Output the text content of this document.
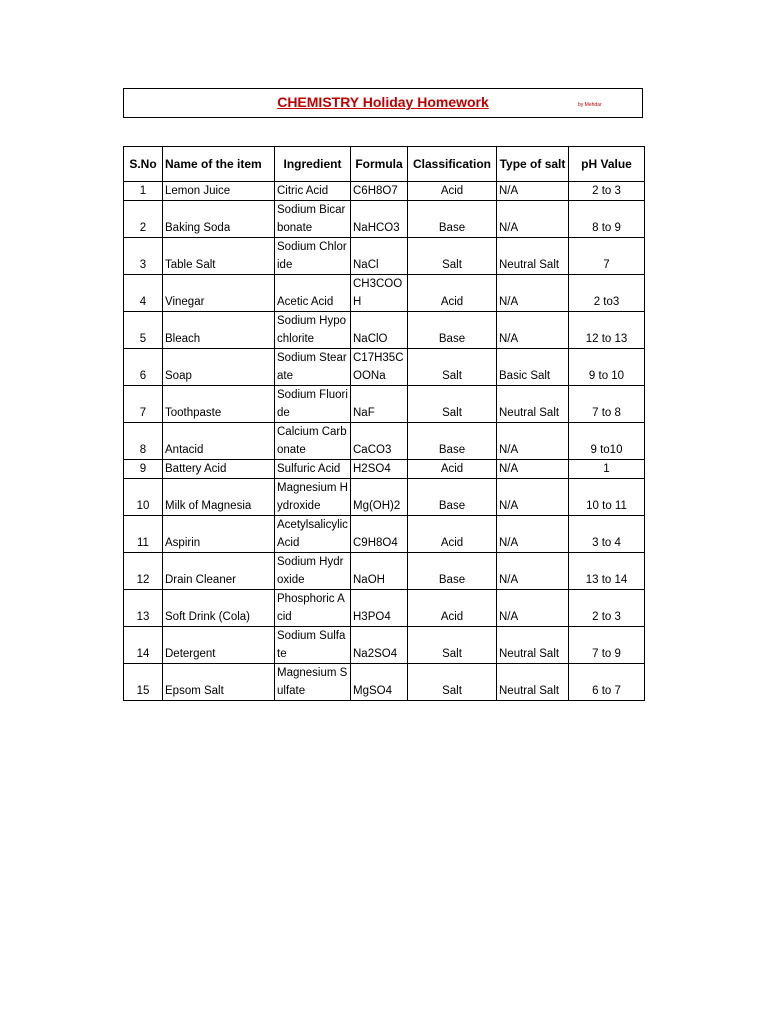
CHEMISTRY Holiday Homework	by Mehdar
S.No	Name of the item	Ingredient	Formula	Classification	Type of salt	pH Value
1	Lemon Juice	Citric Acid	C6H8O7	Acid	N/A	2 to 3
2	Baking Soda	Sodium Bicarbonate	NaHCO3	Base	N/A	8 to 9
3	Table Salt	Sodium Chloride	NaCl	Salt	Neutral Salt	7
4	Vinegar	Acetic Acid	CH3COOH	Acid	N/A	2 to3
5	Bleach	Sodium Hypochlorite	NaClO	Base	N/A	12 to 13
6	Soap	Sodium Stearate	C17H35COONa	Salt	Basic Salt	9 to 10
7	Toothpaste	Sodium Fluoride	NaF	Salt	Neutral Salt	7 to 8
8	Antacid	Calcium Carbonate	CaCO3	Base	N/A	9 to10
9	Battery Acid	Sulfuric Acid	H2SO4	Acid	N/A	1
10	Milk of Magnesia	Magnesium Hydroxide	Mg(OH)2	Base	N/A	10 to 11
11	Aspirin	Acetylsalicylic Acid	C9H8O4	Acid	N/A	3 to 4
12	Drain Cleaner	Sodium Hydroxide	NaOH	Base	N/A	13 to 14
13	Soft Drink (Cola)	Phosphoric Acid	H3PO4	Acid	N/A	2 to 3
14	Detergent	Sodium Sulfate	Na2SO4	Salt	Neutral Salt	7 to 9
15	Epsom Salt	Magnesium Sulfate	MgSO4	Salt	Neutral Salt	6 to 7
